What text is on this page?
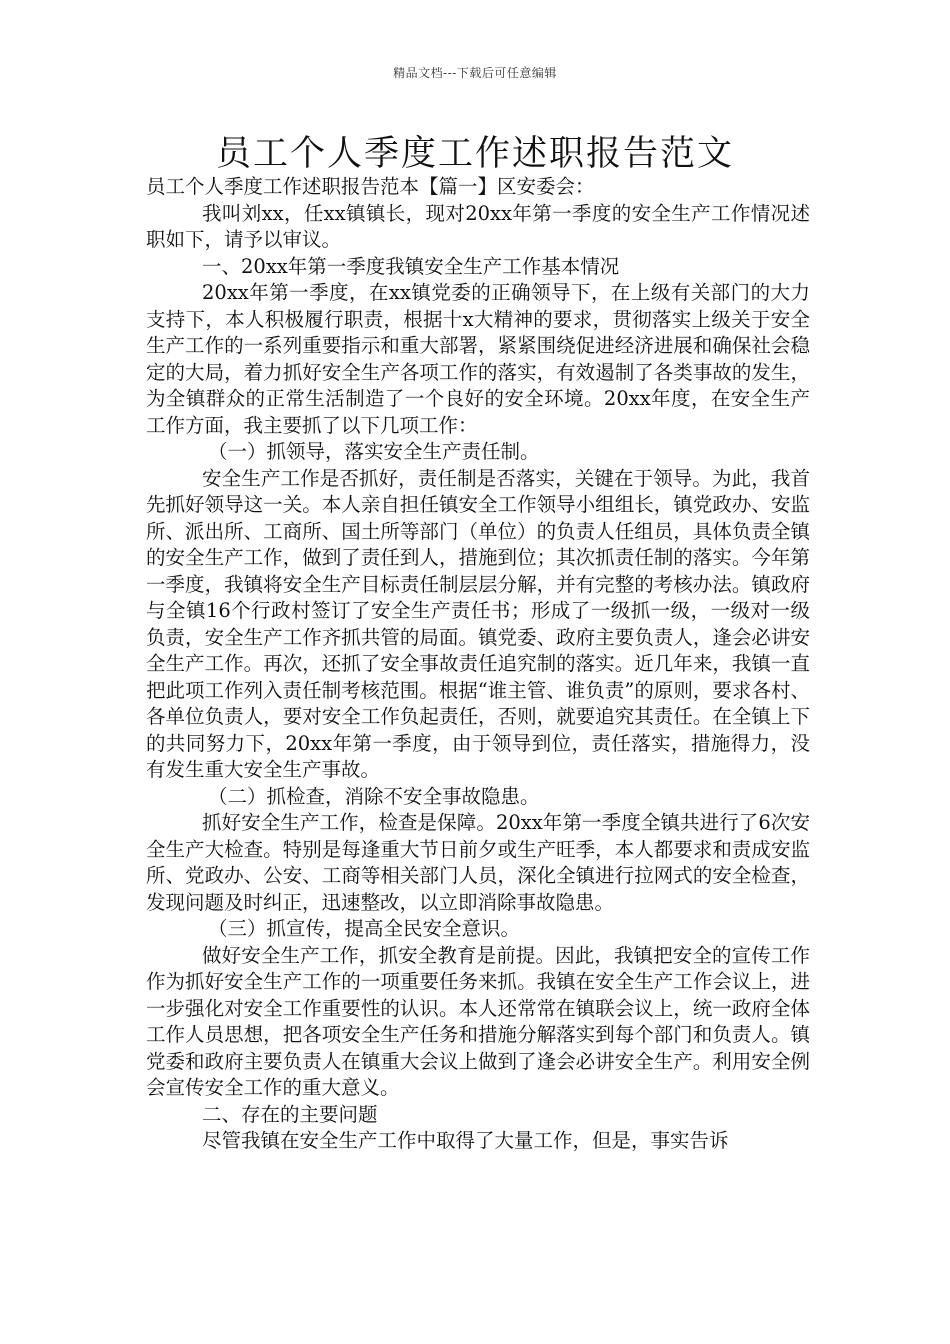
精品文档---下载后可任意编辑
员工个人季度工作述职报告范文

员工个人季度工作述职报告范本【篇一】区安委会：

我叫刘xx，任xx镇镇长，现对20xx年第一季度的安全生产工作情况述职如下，请予以审议。

一、20xx年第一季度我镇安全生产工作基本情况

20xx年第一季度，在xx镇党委的正确领导下，在上级有关部门的大力支持下，本人积极履行职责，根据十x大精神的要求，贯彻落实上级关于安全生产工作的一系列重要指示和重大部署，紧紧围绕促进经济进展和确保社会稳定的大局，着力抓好安全生产各项工作的落实，有效遏制了各类事故的发生，为全镇群众的正常生活制造了一个良好的安全环境。20xx年度，在安全生产工作方面，我主要抓了以下几项工作：

（一）抓领导，落实安全生产责任制。

安全生产工作是否抓好，责任制是否落实，关键在于领导。为此，我首先抓好领导这一关。本人亲自担任镇安全工作领导小组组长，镇党政办、安监所、派出所、工商所、国土所等部门（单位）的负责人任组员，具体负责全镇的安全生产工作，做到了责任到人，措施到位；其次抓责任制的落实。今年第一季度，我镇将安全生产目标责任制层层分解，并有完整的考核办法。镇政府与全镇16个行政村签订了安全生产责任书；形成了一级抓一级，一级对一级负责，安全生产工作齐抓共管的局面。镇党委、政府主要负责人，逢会必讲安全生产工作。再次，还抓了安全事故责任追究制的落实。近几年来，我镇一直把此项工作列入责任制考核范围。根据“谁主管、谁负责”的原则，要求各村、各单位负责人，要对安全工作负起责任，否则，就要追究其责任。在全镇上下的共同努力下，20xx年第一季度，由于领导到位，责任落实，措施得力，没有发生重大安全生产事故。

（二）抓检查，消除不安全事故隐患。

抓好安全生产工作，检查是保障。20xx年第一季度全镇共进行了6次安全生产大检查。特别是每逢重大节日前夕或生产旺季，本人都要求和责成安监所、党政办、公安、工商等相关部门人员，深化全镇进行拉网式的安全检查，发现问题及时纠正，迅速整改，以立即消除事故隐患。

（三）抓宣传，提高全民安全意识。

做好安全生产工作，抓安全教育是前提。因此，我镇把安全的宣传工作作为抓好安全生产工作的一项重要任务来抓。我镇在安全生产工作会议上，进一步强化对安全工作重要性的认识。本人还常常在镇联会议上，统一政府全体工作人员思想，把各项安全生产任务和措施分解落实到每个部门和负责人。镇党委和政府主要负责人在镇重大会议上做到了逢会必讲安全生产。利用安全例会宣传安全工作的重大意义。

二、存在的主要问题

尽管我镇在安全生产工作中取得了大量工作，但是，事实告诉
